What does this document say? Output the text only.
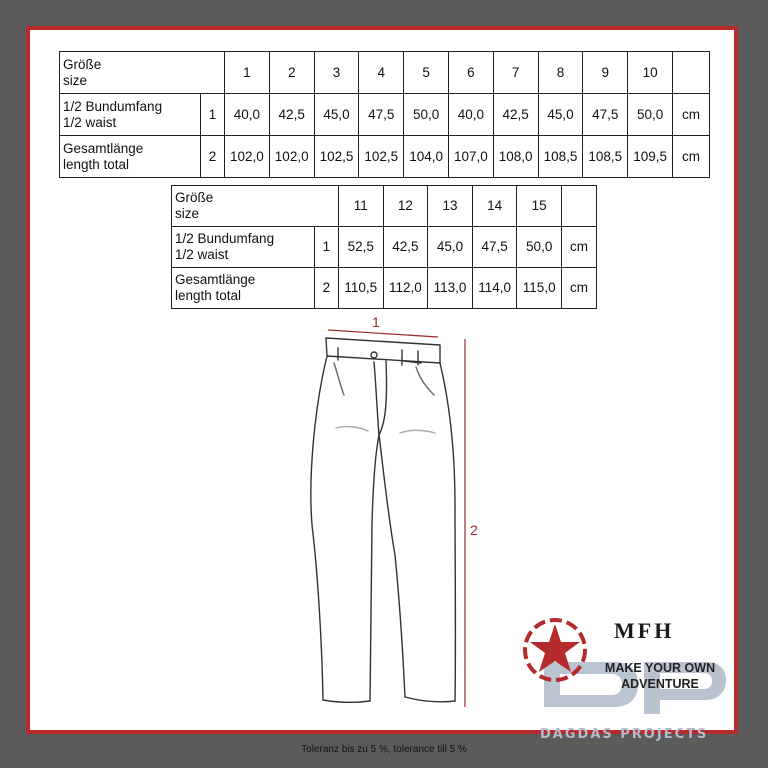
Größe
size		1	2	3	4	5	6	7	8	9	10	
1/2 Bundumfang
1/2 waist	1	40,0	42,5	45,0	47,5	50,0	40,0	42,5	45,0	47,5	50,0	cm
Gesamtlänge
length total	2	102,0	102,0	102,5	102,5	104,0	107,0	108,0	108,5	108,5	109,5	cm
Größe
size		11	12	13	14	15	
1/2 Bundumfang
1/2 waist	1	52,5	42,5	45,0	47,5	50,0	cm
Gesamtlänge
length total	2	110,5	112,0	113,0	114,0	115,0	cm
1
2
MFH
MAKE YOUR OWN
ADVENTURE
DAGDAS PROJECTS
Toleranz bis zu 5 %, tolerance till 5 %
